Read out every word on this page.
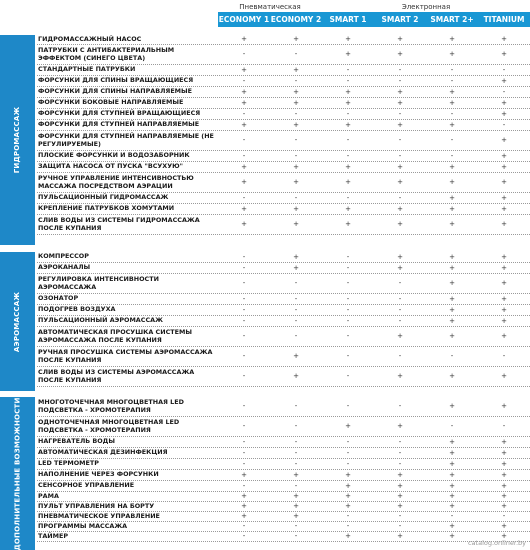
Пневматическая	Электронная
ECONOMY 1 ECONOMY 2	SMART 1	SMART 2	SMART 2+	TITANIUM
ГИДРОМАССАЖ
ГИДРОМАССАЖНЫЙ НАСОС	+	+	+	+	+	+
ПАТРУБКИ С АНТИБАКТЕРИАЛЬНЫМ ЭФФЕКТОМ (СИНЕГО ЦВЕТА)	-	-	+	+	+	+
СТАНДАРТНЫЕ ПАТРУБКИ	+	+	-	-	-	-
ФОРСУНКИ ДЛЯ СПИНЫ ВРАЩАЮЩИЕСЯ	-	-	-	-	-	+
ФОРСУНКИ ДЛЯ СПИНЫ НАПРАВЛЯЕМЫЕ	+	+	+	+	+	-
ФОРСУНКИ БОКОВЫЕ НАПРАВЛЯЕМЫЕ	+	+	+	+	+	+
ФОРСУНКИ ДЛЯ СТУПНЕЙ ВРАЩАЮЩИЕСЯ	-	-	-	-	-	+
ФОРСУНКИ ДЛЯ СТУПНЕЙ НАПРАВЛЯЕМЫЕ	+	+	+	+	+	-
ФОРСУНКИ ДЛЯ СТУПНЕЙ НАПРАВЛЯЕМЫЕ (НЕ РЕГУЛИРУЕМЫЕ)	-	-	-	-	-	+
ПЛОСКИЕ ФОРСУНКИ И ВОДОЗАБОРНИК	-	-	-	-	-	+
ЗАЩИТА НАСОСА ОТ ПУСКА "ВСУХУЮ"	+	+	+	+	+	+
РУЧНОЕ УПРАВЛЕНИЕ ИНТЕНСИВНОСТЬЮ МАССАЖА ПОСРЕДСТВОМ АЭРАЦИИ	+	+	+	+	+	+
ПУЛЬСАЦИОННЫЙ ГИДРОМАССАЖ	-	-	-	-	+	+
КРЕПЛЕНИЕ ПАТРУБКОВ ХОМУТАМИ	+	+	+	+	+	+
СЛИВ ВОДЫ ИЗ СИСТЕМЫ ГИДРОМАССАЖА ПОСЛЕ КУПАНИЯ	+	+	+	+	+	+
АЭРОМАССАЖ
КОМПРЕССОР	-	+	-	+	+	+
АЭРОКАНАЛЫ	-	+	-	+	+	+
РЕГУЛИРОВКА ИНТЕНСИВНОСТИ АЭРОМАССАЖА	-	-	-	-	+	+
ОЗОНАТОР	-	-	-	-	+	+
ПОДОГРЕВ ВОЗДУХА	-	-	-	-	+	+
ПУЛЬСАЦИОННЫЙ АЭРОМАССАЖ	-	-	-	-	+	+
АВТОМАТИЧЕСКАЯ ПРОСУШКА СИСТЕМЫ АЭРОМАССАЖА ПОСЛЕ КУПАНИЯ	-	-	-	+	+	+
РУЧНАЯ ПРОСУШКА СИСТЕМЫ АЭРОМАССАЖА ПОСЛЕ КУПАНИЯ	-	+	-	-	-	-
СЛИВ ВОДЫ ИЗ СИСТЕМЫ АЭРОМАССАЖА ПОСЛЕ КУПАНИЯ	-	+	-	+	+	+
ДОПОЛНИТЕЛЬНЫЕ ВОЗМОЖНОСТИ	МНОГОТОЧЕЧНАЯ МНОГОЦВЕТНАЯ LED ПОДСВЕТКА - ХРОМОТЕРАПИЯ	-	-	-	-	+	+
ОДНОТОЧЕЧНАЯ МНОГОЦВЕТНАЯ LED ПОДСВЕТКА - ХРОМОТЕРАПИЯ	-	-	+	+	-	-
НАГРЕВАТЕЛЬ ВОДЫ	-	-	-	-	+	+
АВТОМАТИЧЕСКАЯ ДЕЗИНФЕКЦИЯ	-	-	-	-	+	+
LED ТЕРМОМЕТР	-	-	-	-	+	+
НАПОЛНЕНИЕ ЧЕРЕЗ ФОРСУНКИ	+	+	+	+	+	+
СЕНСОРНОЕ УПРАВЛЕНИЕ	-	-	+	+	+	+
РАМА	+	+	+	+	+	+
ПУЛЬТ УПРАВЛЕНИЯ НА БОРТУ	+	+	+	+	+	+
ПНЕВМАТИЧЕСКОЕ УПРАВЛЕНИЕ	+	+	-	-	-	-
ПРОГРАММЫ МАССАЖА	-	-	-	-	+	+
ТАЙМЕР	-	-	+	+	+	+
catalog.onliner.by
